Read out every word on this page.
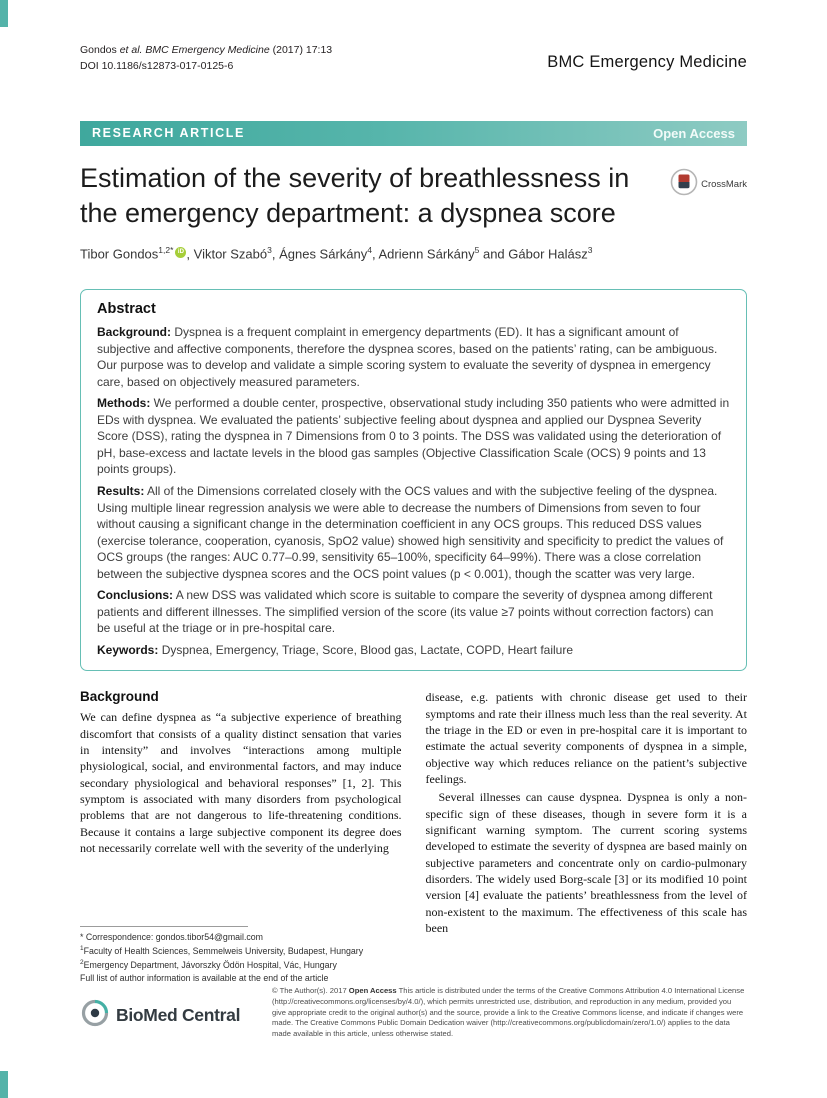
Gondos et al. BMC Emergency Medicine (2017) 17:13
DOI 10.1186/s12873-017-0125-6	BMC Emergency Medicine
RESEARCH ARTICLE	Open Access
Estimation of the severity of breathlessness in the emergency department: a dyspnea score
CrossMark
Tibor Gondos$^{1,2*}$ iD , Viktor Szabó$^3$, Ágnes Sárkány$^4$, Adrienn Sárkány$^5$ and Gábor Halász$^3$
Abstract

Background: Dyspnea is a frequent complaint in emergency departments (ED). It has a significant amount of subjective and affective components, therefore the dyspnea scores, based on the patients’ rating, can be ambiguous. Our purpose was to develop and validate a simple scoring system to evaluate the severity of dyspnea in emergency care, based on objectively measured parameters.

Methods: We performed a double center, prospective, observational study including 350 patients who were admitted in EDs with dyspnea. We evaluated the patients’ subjective feeling about dyspnea and applied our Dyspnea Severity Score (DSS), rating the dyspnea in 7 Dimensions from 0 to 3 points. The DSS was validated using the deterioration of pH, base-excess and lactate levels in the blood gas samples (Objective Classification Scale (OCS) 9 points and 13 points groups).

Results: All of the Dimensions correlated closely with the OCS values and with the subjective feeling of the dyspnea. Using multiple linear regression analysis we were able to decrease the numbers of Dimensions from seven to four without causing a significant change in the determination coefficient in any OCS groups. This reduced DSS values (exercise tolerance, cooperation, cyanosis, SpO2 value) showed high sensitivity and specificity to predict the values of OCS groups (the ranges: AUC 0.77–0.99, sensitivity 65–100%, specificity 64–99%). There was a close correlation between the subjective dyspnea scores and the OCS point values (p < 0.001), though the scatter was very large.

Conclusions: A new DSS was validated which score is suitable to compare the severity of dyspnea among different patients and different illnesses. The simplified version of the score (its value ≥7 points without correction factors) can be useful at the triage or in pre-hospital care.

Keywords: Dyspnea, Emergency, Triage, Score, Blood gas, Lactate, COPD, Heart failure

Background

We can define dyspnea as “a subjective experience of breathing discomfort that consists of a quality distinct sensation that varies in intensity” and involves “interactions among multiple physiological, social, and environmental factors, and may induce secondary physiological and behavioral responses” [1, 2]. This symptom is associated with many disorders from psychological problems that are not dangerous to life-threatening conditions. Because it contains a large subjective component its degree does not necessarily correlate well with the severity of the underlying

disease, e.g. patients with chronic disease get used to their symptoms and rate their illness much less than the real severity. At the triage in the ED or even in pre-hospital care it is important to estimate the actual severity components of dyspnea in a simple, objective way which reduces reliance on the patient’s subjective feelings.

Several illnesses can cause dyspnea. Dyspnea is only a non-specific sign of these diseases, though in severe form it is a significant warning symptom. The current scoring systems developed to estimate the severity of dyspnea are based mainly on subjective parameters and concentrate only on cardio-pulmonary disorders. The widely used Borg-scale [3] or its modified 10 point version [4] evaluate the patients’ breathlessness from the level of non-existent to the maximum. The effectiveness of this scale has been

* Correspondence: gondos.tibor54@gmail.com
$^1$Faculty of Health Sciences, Semmelweis University, Budapest, Hungary
$^2$Emergency Department, Jávorszky Ödön Hospital, Vác, Hungary
Full list of author information is available at the end of the article
BioMed Central
© The Author(s). 2017 Open Access This article is distributed under the terms of the Creative Commons Attribution 4.0 International License (http://creativecommons.org/licenses/by/4.0/), which permits unrestricted use, distribution, and reproduction in any medium, provided you give appropriate credit to the original author(s) and the source, provide a link to the Creative Commons license, and indicate if changes were made. The Creative Commons Public Domain Dedication waiver (http://creativecommons.org/publicdomain/zero/1.0/) applies to the data made available in this article, unless otherwise stated.
